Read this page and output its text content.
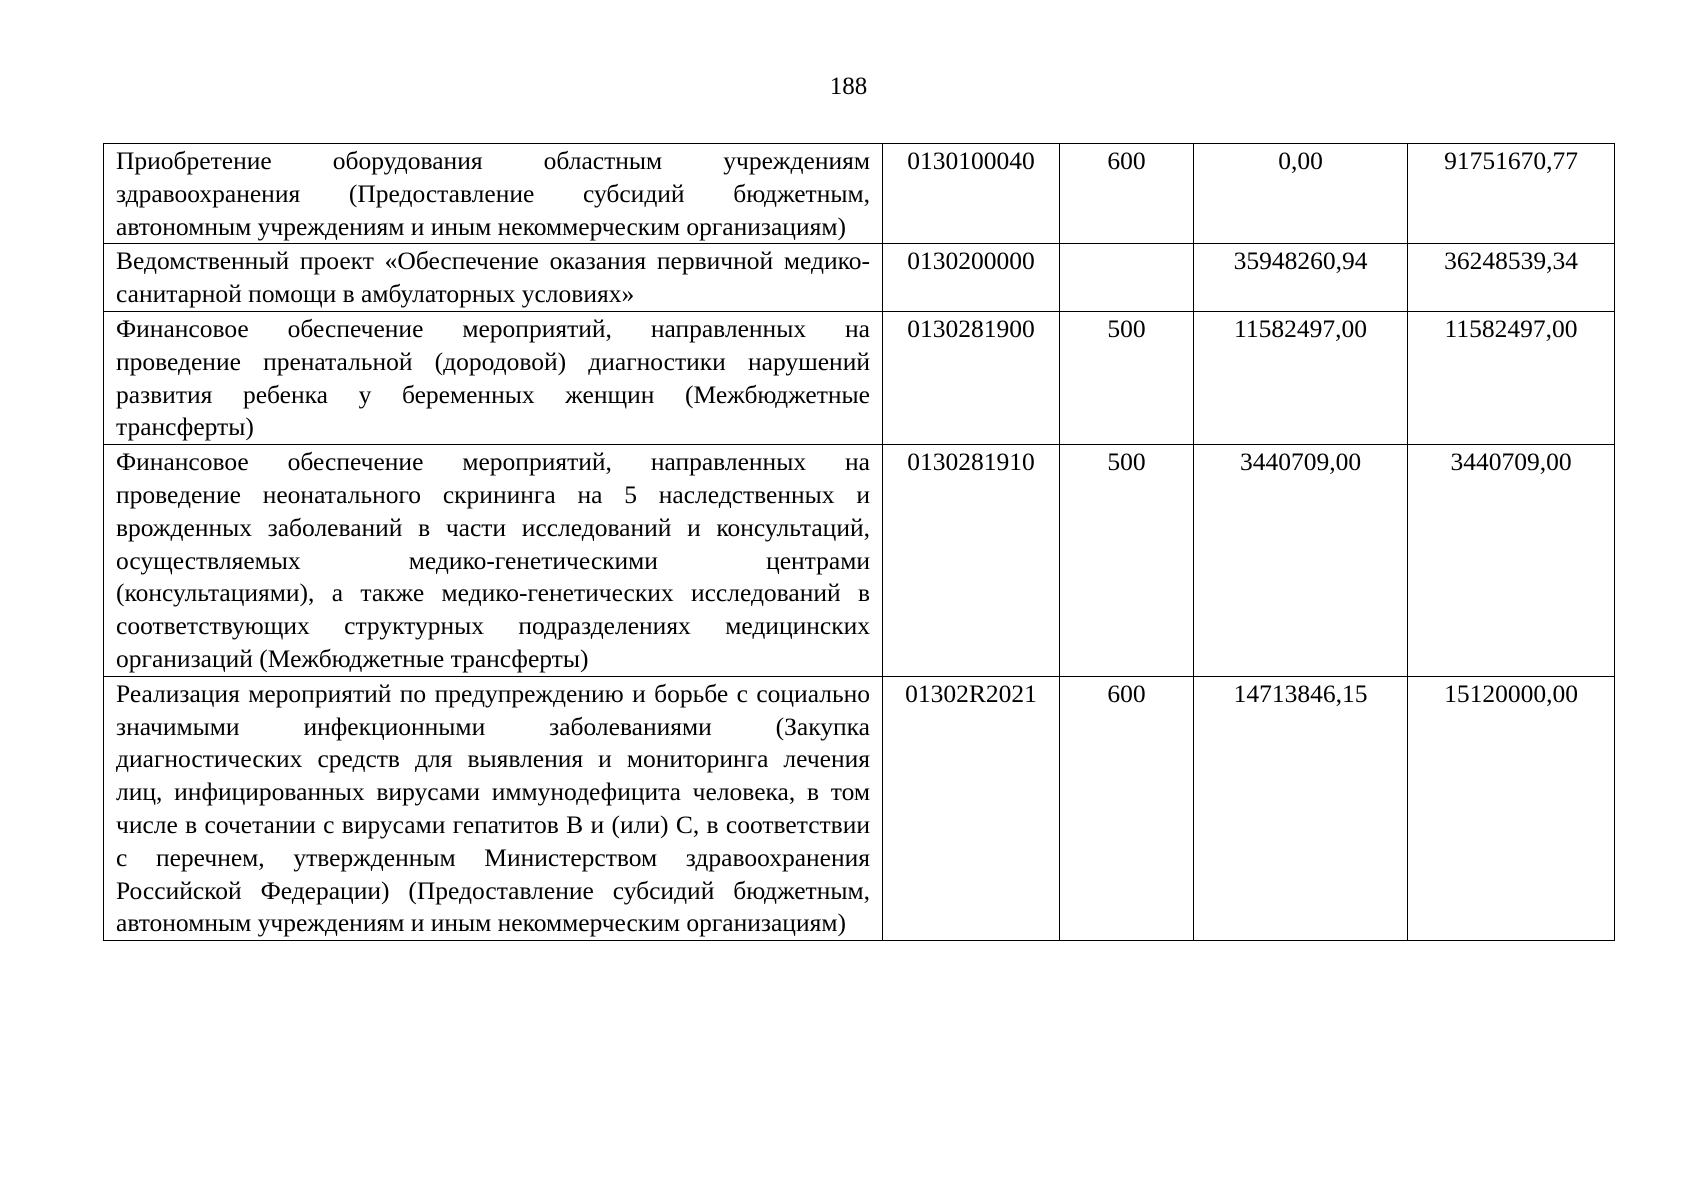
188
Приобретение оборудования областным учреждениям здравоохранения (Предоставление субсидий бюджетным, автономным учреждениям и иным некоммерческим организациям)	0130100040	600	0,00	91751670,77
Ведомственный проект «Обеспечение оказания первичной медико-санитарной помощи в амбулаторных условиях»	0130200000		35948260,94	36248539,34
Финансовое обеспечение мероприятий, направленных на проведение пренатальной (дородовой) диагностики нарушений развития ребенка у беременных женщин (Межбюджетные трансферты)	0130281900	500	11582497,00	11582497,00
Финансовое обеспечение мероприятий, направленных на проведение неонатального скрининга на 5 наследственных и врожденных заболеваний в части исследований и консультаций, осуществляемых медико-генетическими центрами (консультациями), а также медико-генетических исследований в соответствующих структурных подразделениях медицинских организаций (Межбюджетные трансферты)	0130281910	500	3440709,00	3440709,00
Реализация мероприятий по предупреждению и борьбе с социально значимыми инфекционными заболеваниями (Закупка диагностических средств для выявления и мониторинга лечения лиц, инфицированных вирусами иммунодефицита человека, в том числе в сочетании с вирусами гепатитов B и (или) C, в соответствии с перечнем, утвержденным Министерством здравоохранения Российской Федерации) (Предоставление субсидий бюджетным, автономным учреждениям и иным некоммерческим организациям)	01302R2021	600	14713846,15	15120000,00
